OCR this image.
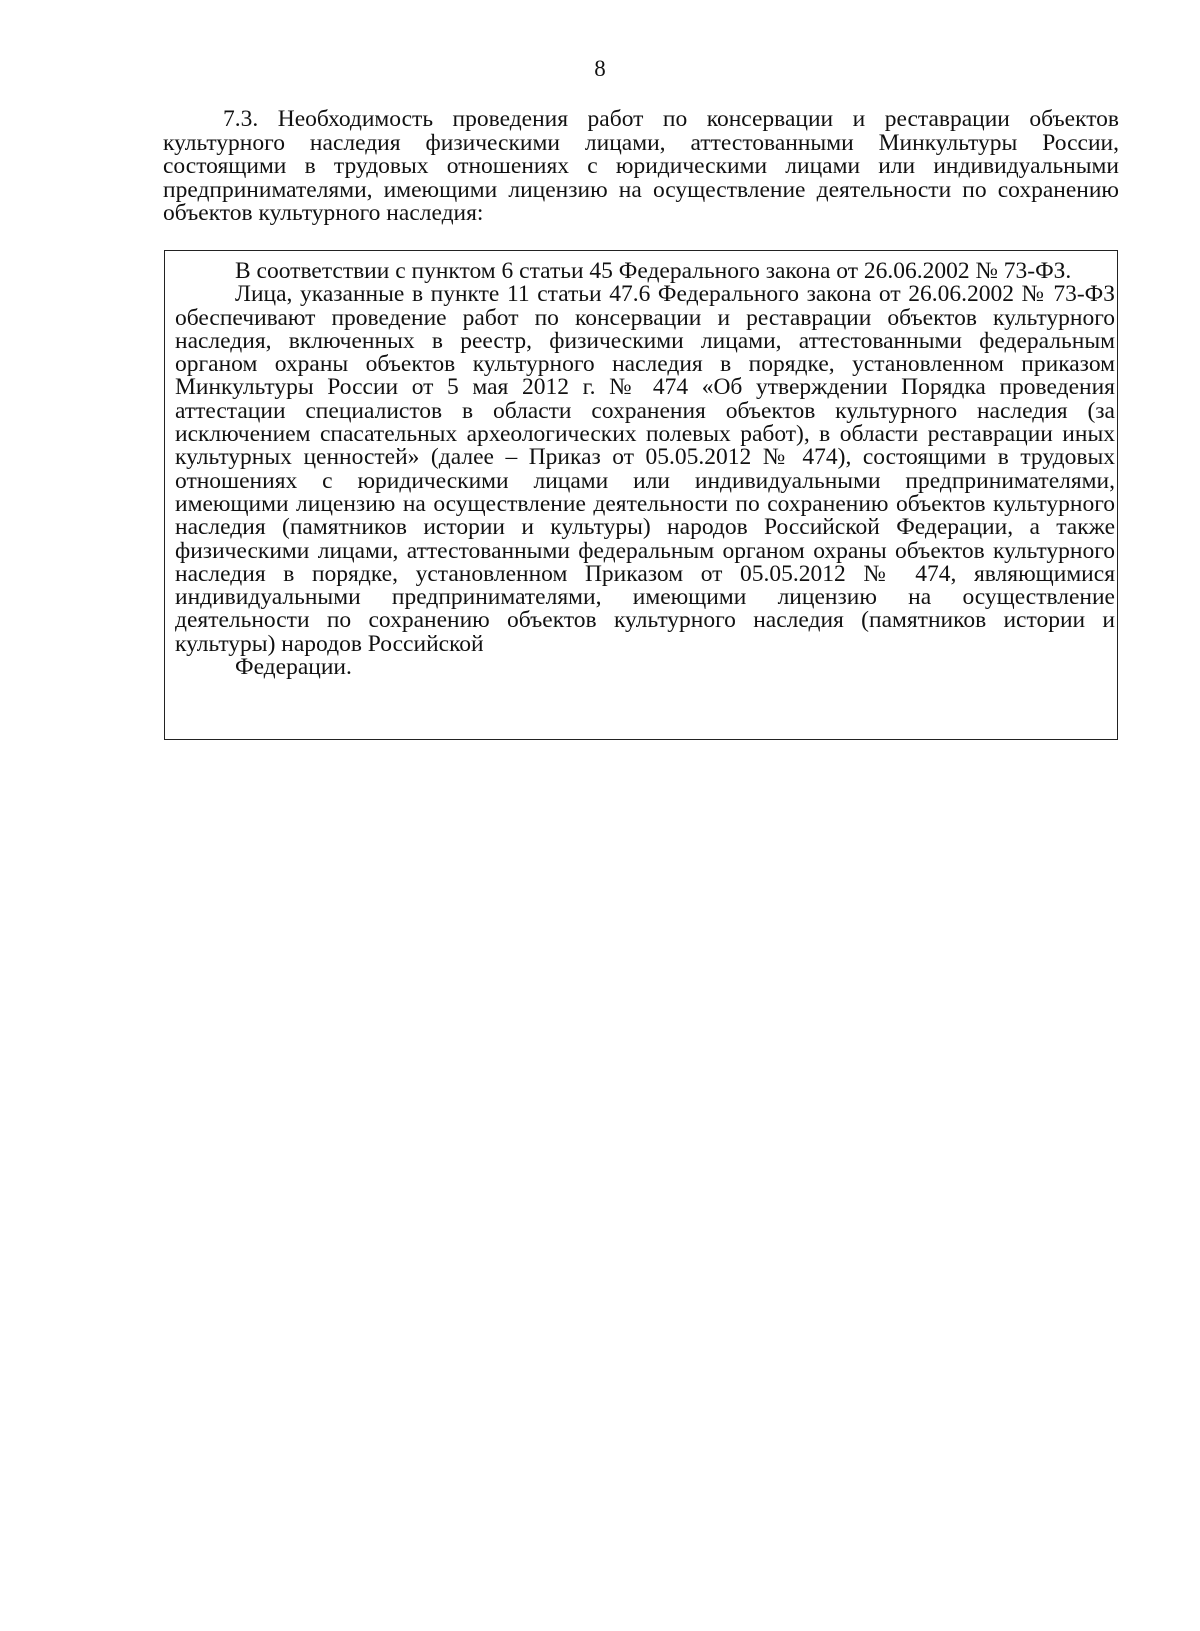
8

7.3. Необходимость проведения работ по консервации и реставрации объектов культурного наследия физическими лицами, аттестованными Минкультуры России, состоящими в трудовых отношениях с юридическими лицами или индивидуальными предпринимателями, имеющими лицензию на осуществление деятельности по сохранению объектов культурного наследия:

В соответствии с пунктом 6 статьи 45 Федерального закона от 26.06.2002 № 73-ФЗ.

Лица, указанные в пункте 11 статьи 47.6 Федерального закона от 26.06.2002 № 73-ФЗ обеспечивают проведение работ по консервации и реставрации объектов культурного наследия, включенных в реестр, физическими лицами, аттестованными федеральным органом охраны объектов культурного наследия в порядке, установленном приказом Минкультуры России от 5 мая 2012 г. № 474 «Об утверждении Порядка проведения аттестации специалистов в области сохранения объектов культурного наследия (за исключением спасательных археологических полевых работ), в области реставрации иных культурных ценностей» (далее – Приказ от 05.05.2012 № 474), состоящими в трудовых отношениях с юридическими лицами или индивидуальными предпринимателями, имеющими лицензию на осуществление деятельности по сохранению объектов культурного наследия (памятников истории и культуры) народов Российской Федерации, а также физическими лицами, аттестованными федеральным органом охраны объектов культурного наследия в порядке, установленном Приказом от 05.05.2012 № 474, являющимися индивидуальными предпринимателями, имеющими лицензию на осуществление деятельности по сохранению объектов культурного наследия (памятников истории и культуры) народов Российской

Федерации.
